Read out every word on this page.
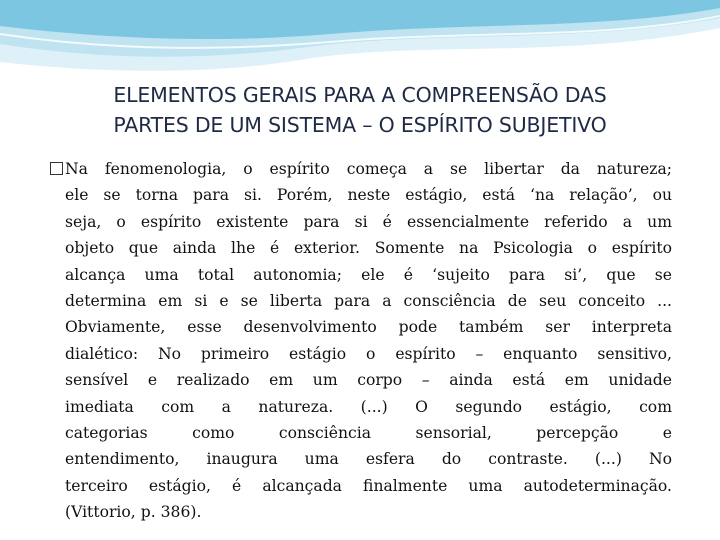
ELEMENTOS GERAIS PARA A COMPREENSÃO DAS
PARTES DE UM SISTEMA – O ESPÍRITO SUBJETIVO
Na fenomenologia, o espírito começa a se libertar da natureza;
ele se torna para si. Porém, neste estágio, está ‘na relação’, ou
seja, o espírito existente para si é essencialmente referido a um
objeto que ainda lhe é exterior. Somente na Psicologia o espírito
alcança uma total autonomia; ele é ‘sujeito para si’, que se
determina em si e se liberta para a consciência de seu conceito ...
Obviamente, esse desenvolvimento pode também ser interpreta
dialético: No primeiro estágio o espírito – enquanto sensitivo,
sensível e realizado em um corpo – ainda está em unidade
imediata com a natureza. (...) O segundo estágio, com
categorias como consciência sensorial, percepção e
entendimento, inaugura uma esfera do contraste. (...) No
terceiro estágio, é alcançada finalmente uma autodeterminação.
(Vittorio, p. 386).
